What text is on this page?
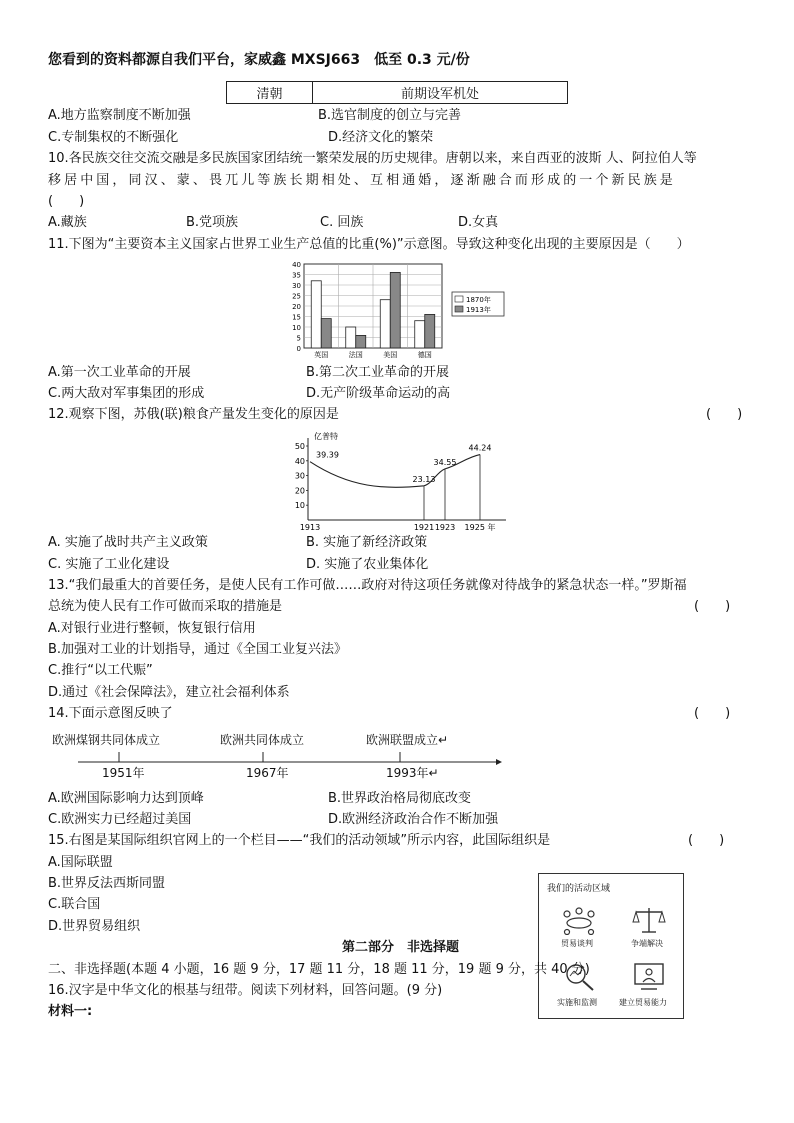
您看到的资料都源自我们平台，家威鑫 MXSJ663　低至 0.3 元/份
清朝	前期设军机处
A.地方监察制度不断加强	B.选官制度的创立与完善
C.专制集权的不断强化	D.经济文化的繁荣
10.各民族交往交流交融是多民族国家团结统一繁荣发展的历史规律。唐朝以来，来自西亚的波斯 人、阿拉伯人等
移居中国，同汉、蒙、畏兀儿等族长期相处、互相通婚，逐渐融合而形成的一个新民族是
(　　)
A.藏族	B.党项族	C. 回族	D.女真
11.下图为“主要资本主义国家占世界工业生产总值的比重(%)”示意图。导致这种变化出现的主要原因是（　　）
0
5
10
15
20
25
30
35
40
英国	法国	美国	德国
1870年
1913年
A.第一次工业革命的开展	B.第二次工业革命的开展
C.两大敌对军事集团的形成	D.无产阶级革命运动的高
12.观察下图，苏俄(联)粮食产量发生变化的原因是	(　　)
亿普特
10
20
30
40
50
39.39
1913
23.13
1921
34.55
1923
44.24
1925 年
A. 实施了战时共产主义政策	B. 实施了新经济政策
C. 实施了工业化建设	D. 实施了农业集体化
13.“我们最重大的首要任务，是使人民有工作可做……政府对待这项任务就像对待战争的紧急状态一样。”罗斯福
总统为使人民有工作可做而采取的措施是	(　　)
A.对银行业进行整顿，恢复银行信用
B.加强对工业的计划指导，通过《全国工业复兴法》
C.推行“以工代赈”
D.通过《社会保障法》，建立社会福利体系
14.下面示意图反映了	(　　)
欧洲煤钢共同体成立	欧洲共同体成立	欧洲联盟成立↵
1951年	1967年	1993年↵
A.欧洲国际影响力达到顶峰	B.世界政治格局彻底改变
C.欧洲实力已经超过美国	D.欧洲经济政治合作不断加强
15.右图是某国际组织官网上的一个栏目——“我们的活动领域”所示内容，此国际组织是	(　　)
A.国际联盟
B.世界反法西斯同盟
C.联合国
D.世界贸易组织
我们的活动区域
贸易谈判	争端解决
实施和监测	建立贸易能力
第二部分　非选择题
二、非选择题(本题 4 小题，16 题 9 分，17 题 11 分，18 题 11 分，19 题 9 分，共 40 分)
16.汉字是中华文化的根基与纽带。阅读下列材料，回答问题。(9 分)
材料一:
